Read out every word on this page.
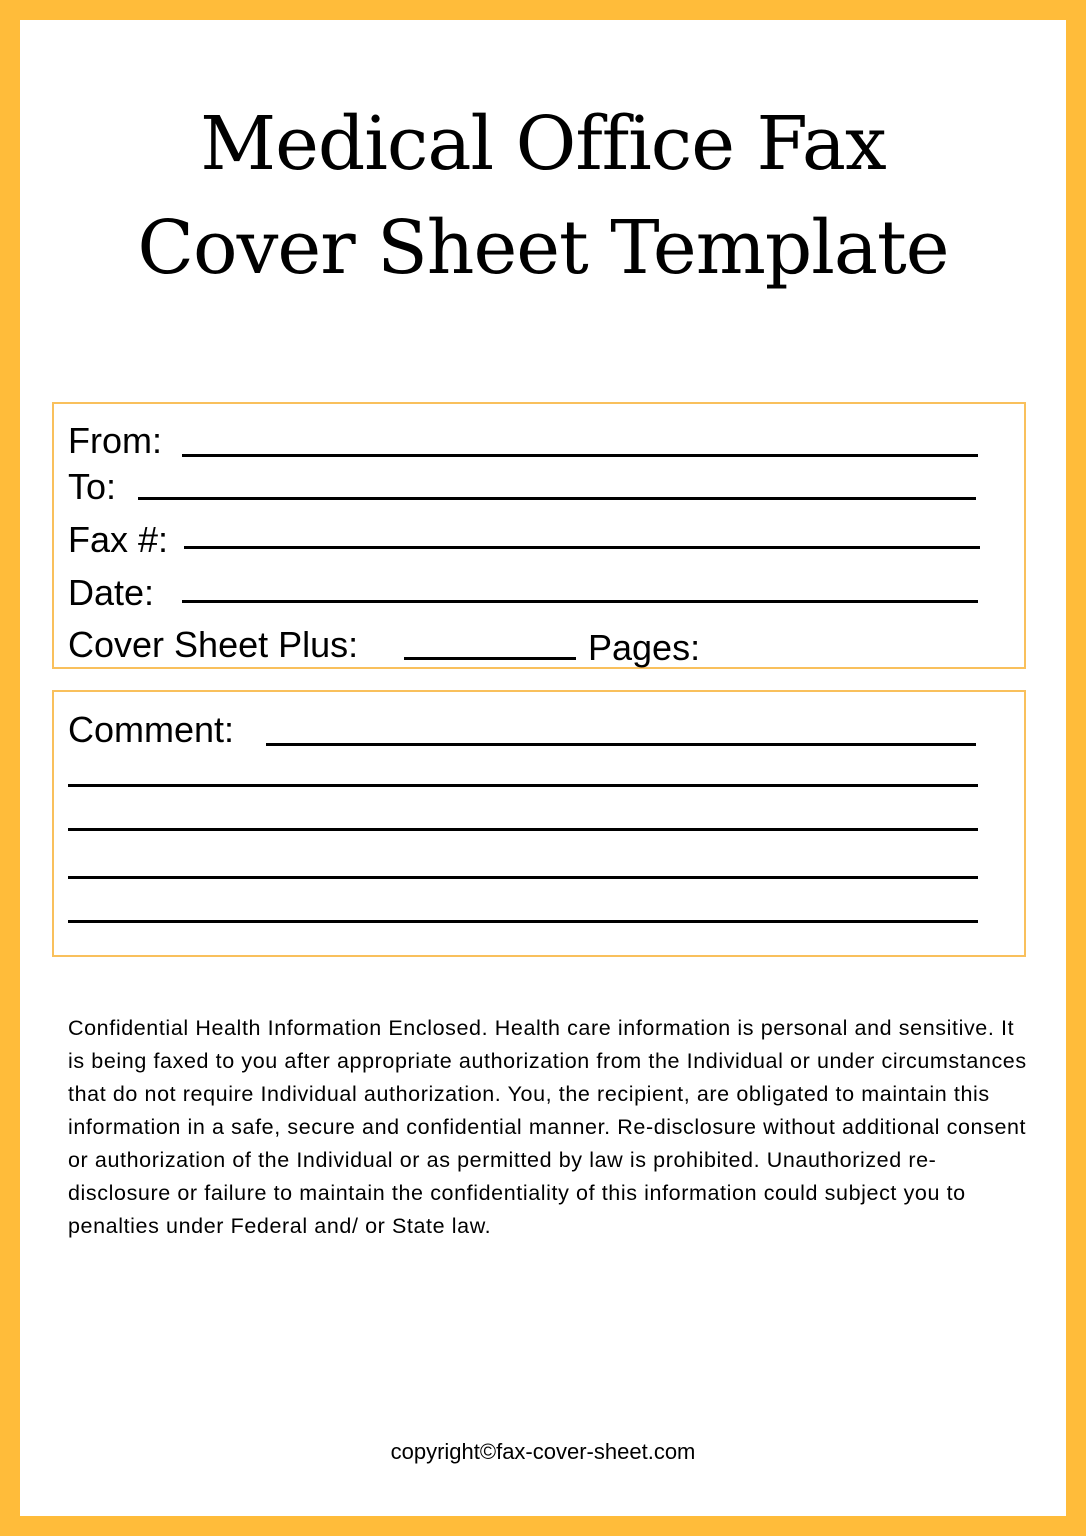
Medical Office Fax
Cover Sheet Template
From:
To:
Fax #:
Date:
Cover Sheet Plus:	Pages:
Comment:
Confidential Health Information Enclosed. Health care information is personal and sensitive. It is being faxed to you after appropriate authorization from the Individual or under circumstances that do not require Individual authorization. You, the recipient, are obligated to maintain this information in a safe, secure and confidential manner. Re-disclosure without additional consent or authorization of the Individual or as permitted by law is prohibited. Unauthorized re-disclosure or failure to maintain the confidentiality of this information could subject you to penalties under Federal and/ or State law.
copyright©fax-cover-sheet.com
